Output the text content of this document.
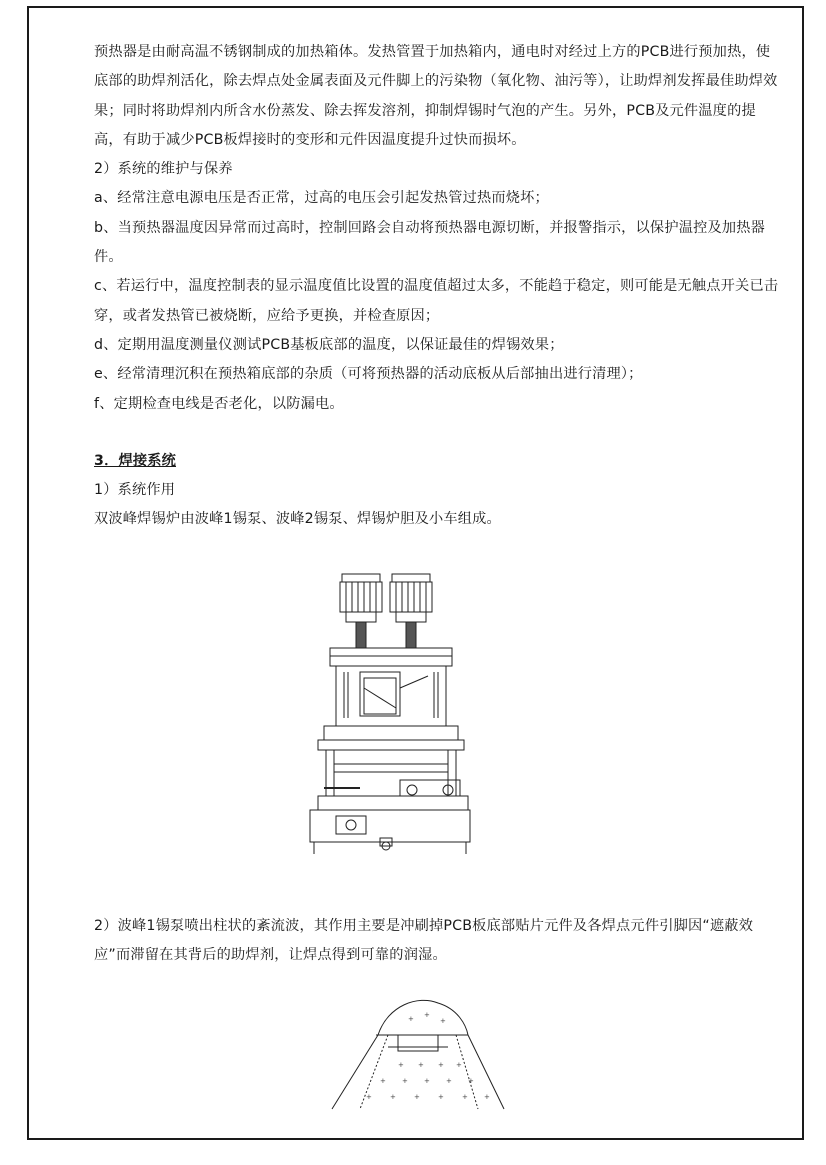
预热器是由耐高温不锈钢制成的加热箱体。发热管置于加热箱内，通电时对经过上方的PCB进行预加热，使底部的助焊剂活化，除去焊点处金属表面及元件脚上的污染物（氧化物、油污等），让助焊剂发挥最佳助焊效果；同时将助焊剂内所含水份蒸发、除去挥发溶剂，抑制焊锡时气泡的产生。另外，PCB及元件温度的提高，有助于减少PCB板焊接时的变形和元件因温度提升过快而损坏。

2）系统的维护与保养

a、经常注意电源电压是否正常，过高的电压会引起发热管过热而烧坏；

b、当预热器温度因异常而过高时，控制回路会自动将预热器电源切断，并报警指示，以保护温控及加热器件。

c、若运行中，温度控制表的显示温度值比设置的温度值超过太多，不能趋于稳定，则可能是无触点开关已击穿，或者发热管已被烧断，应给予更换，并检查原因；

d、定期用温度测量仪测试PCB基板底部的温度，以保证最佳的焊锡效果；

e、经常清理沉积在预热箱底部的杂质（可将预热器的活动底板从后部抽出进行清理）；

f、定期检查电线是否老化，以防漏电。

3．焊接系统

1）系统作用

双波峰焊锡炉由波峰1锡泵、波峰2锡泵、焊锡炉胆及小车组成。

2）波峰1锡泵喷出柱状的紊流波，其作用主要是冲刷掉PCB板底部贴片元件及各焊点元件引脚因“遮蔽效应”而滞留在其背后的助焊剂，让焊点得到可靠的润湿。

+ +
+
+ + + +
+ + + + +
+	+	+	+	+ +
